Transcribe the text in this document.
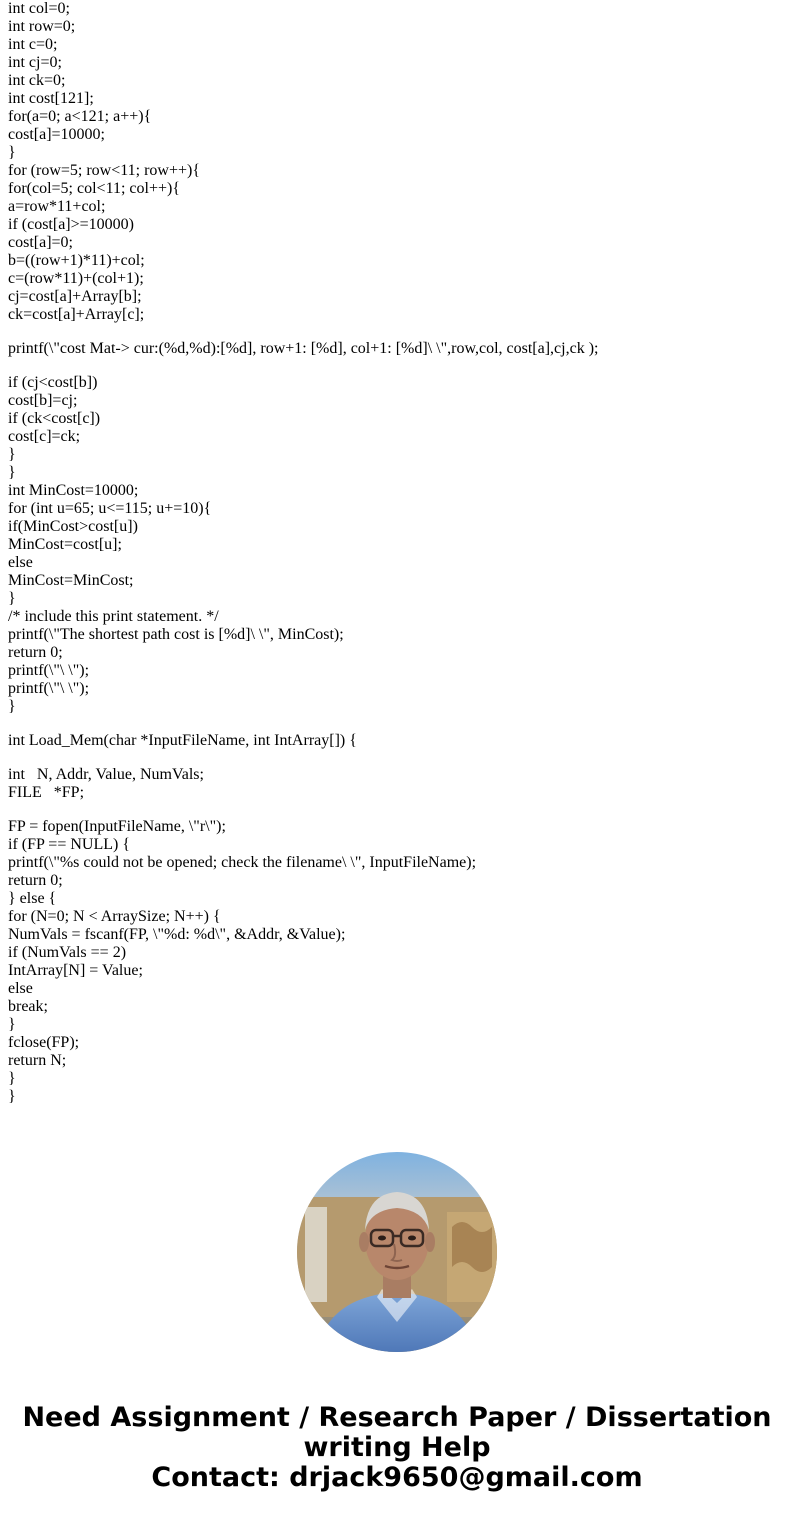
int col=0;
int row=0;
int c=0;
int cj=0;
int ck=0;
int cost[121];
for(a=0; a<121; a++){
cost[a]=10000;
}
for (row=5; row<11; row++){
for(col=5; col<11; col++){
a=row*11+col;
if (cost[a]>=10000)
cost[a]=0;
b=((row+1)*11)+col;
c=(row*11)+(col+1);
cj=cost[a]+Array[b];
ck=cost[a]+Array[c];
printf(\"cost Mat-> cur:(%d,%d):[%d], row+1: [%d], col+1: [%d]\ \",row,col, cost[a],cj,ck );
if (cj<cost[b])
cost[b]=cj;
if (ck<cost[c])
cost[c]=ck;
}
}
int MinCost=10000;
for (int u=65; u<=115; u+=10){
if(MinCost>cost[u])
MinCost=cost[u];
else
MinCost=MinCost;
}
/* include this print statement. */
printf(\"The shortest path cost is [%d]\ \", MinCost);
return 0;
printf(\"\ \");
printf(\"\ \");
}
int Load_Mem(char *InputFileName, int IntArray[]) {
int   N, Addr, Value, NumVals;
FILE   *FP;
FP = fopen(InputFileName, \"r\");
if (FP == NULL) {
printf(\"%s could not be opened; check the filename\ \", InputFileName);
return 0;
} else {
for (N=0; N < ArraySize; N++) {
NumVals = fscanf(FP, \"%d: %d\", &Addr, &Value);
if (NumVals == 2)
IntArray[N] = Value;
else
break;
}
fclose(FP);
return N;
}
}
Need Assignment / Research Paper / Dissertation
writing Help
Contact: drjack9650@gmail.com
